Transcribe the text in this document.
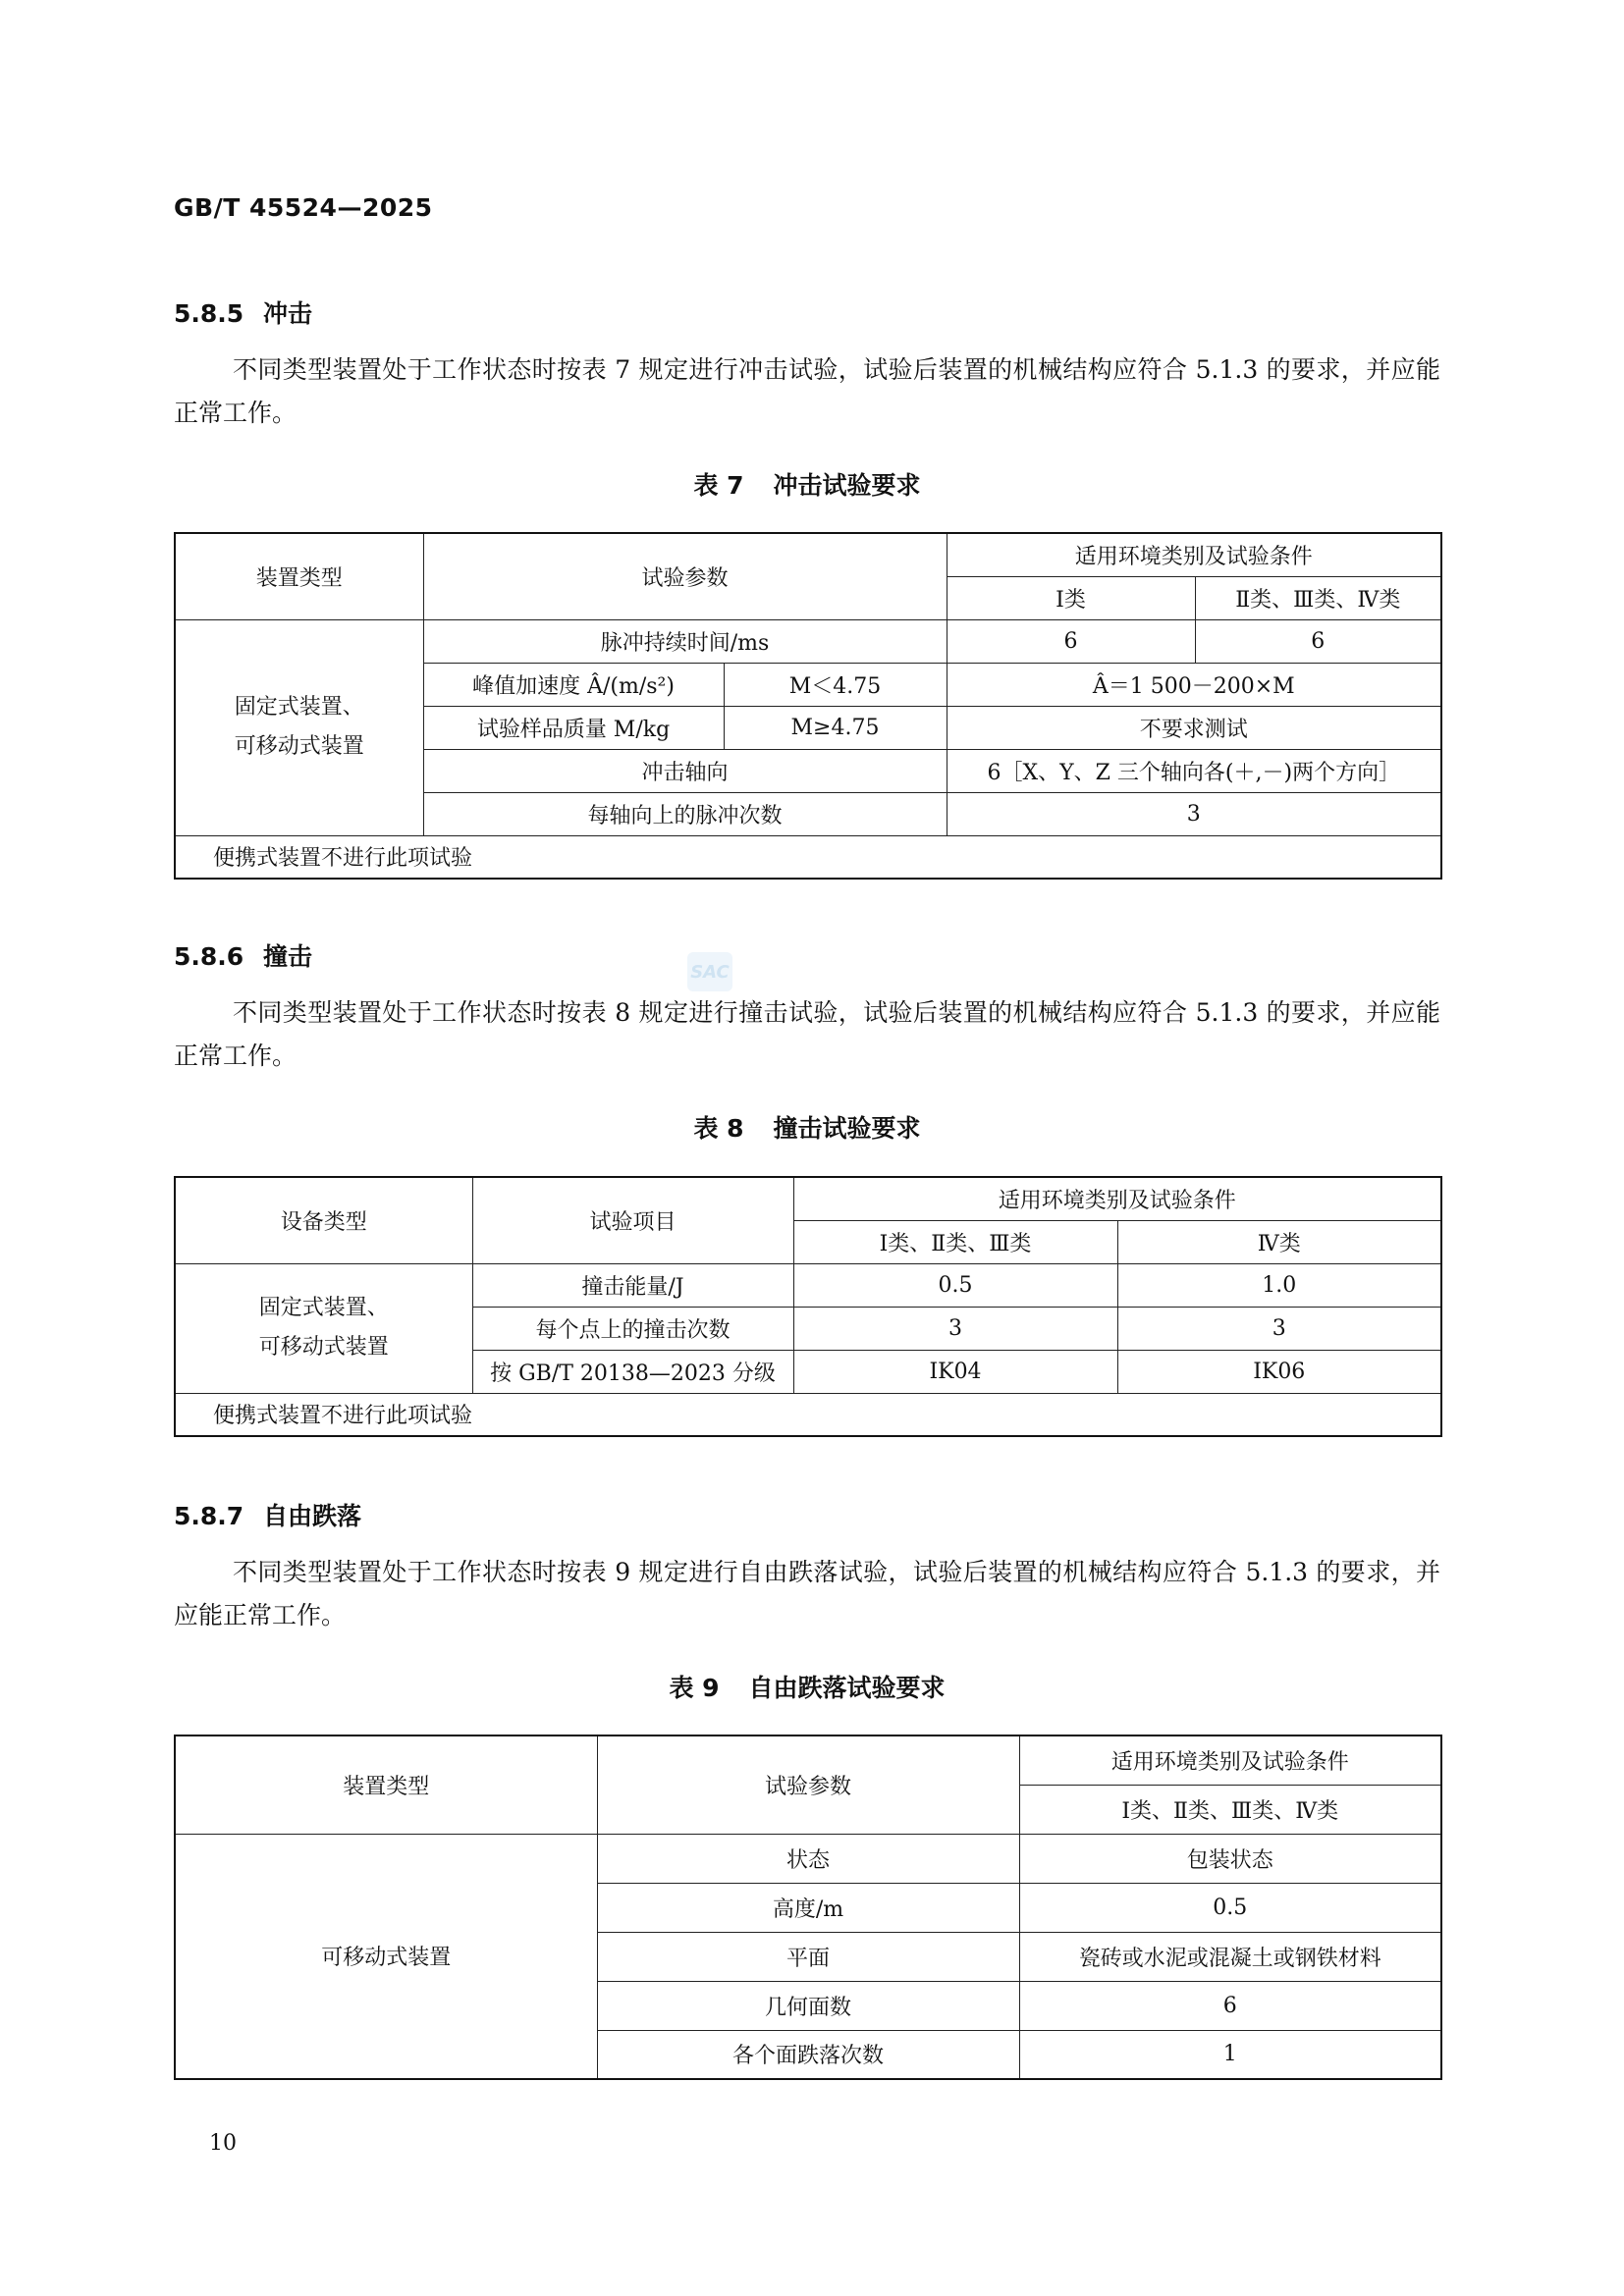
GB/T 45524—2025
SAC
5.8.5 冲击
不同类型装置处于工作状态时按表 7 规定进行冲击试验，试验后装置的机械结构应符合 5.1.3 的要求，并应能正常工作。
表 7 冲击试验要求
装置类型	试验参数		适用环境类别及试验条件	
			Ⅰ类	Ⅱ类、Ⅲ类、Ⅳ类

固定式装置、
可移动式装置	脉冲持续时间/ms		6	6
	峰值加速度 Â/(m/s²)	M＜4.75	Â＝1 500－200×M	
	试验样品质量 M/kg	M≥4.75	不要求测试	
	冲击轴向		6［X、Y、Z 三个轴向各(＋,－)两个方向］	
	每轴向上的脉冲次数		3	
便携式装置不进行此项试验				
5.8.6 撞击
不同类型装置处于工作状态时按表 8 规定进行撞击试验，试验后装置的机械结构应符合 5.1.3 的要求，并应能正常工作。
表 8 撞击试验要求
设备类型	试验项目	适用环境类别及试验条件	
		Ⅰ类、Ⅱ类、Ⅲ类	Ⅳ类

固定式装置、
可移动式装置	撞击能量/J	0.5	1.0
	每个点上的撞击次数	3	3
	按 GB/T 20138—2023 分级	IK04	IK06
便携式装置不进行此项试验			
5.8.7 自由跌落
不同类型装置处于工作状态时按表 9 规定进行自由跌落试验，试验后装置的机械结构应符合 5.1.3 的要求，并应能正常工作。
表 9 自由跌落试验要求
装置类型	试验参数	适用环境类别及试验条件
		Ⅰ类、Ⅱ类、Ⅲ类、Ⅳ类
可移动式装置	状态	包装状态
	高度/m	0.5
	平面	瓷砖或水泥或混凝土或钢铁材料
	几何面数	6
	各个面跌落次数	1
10
